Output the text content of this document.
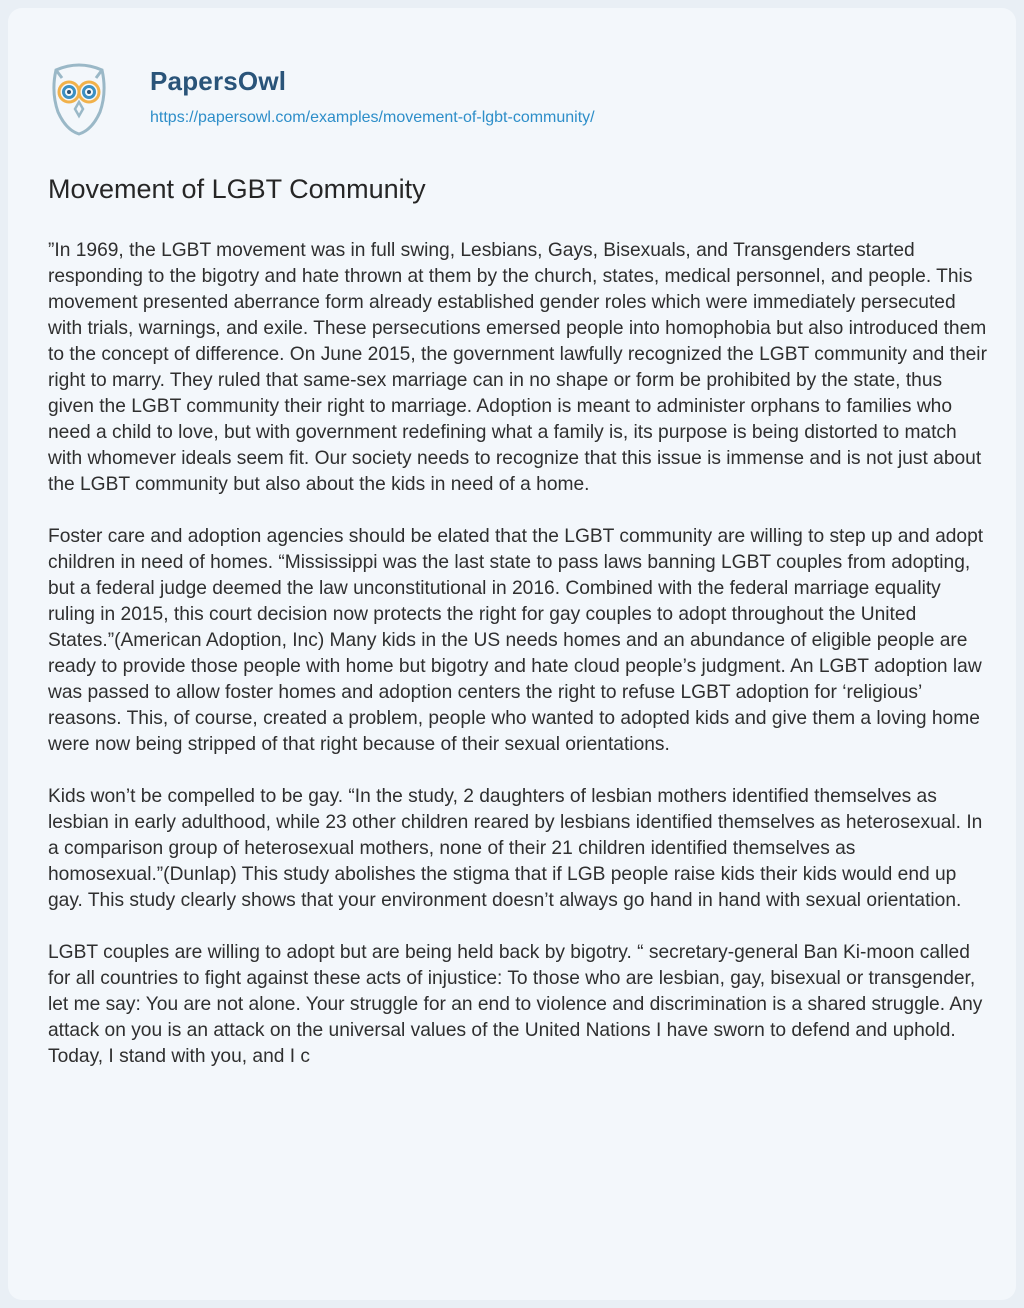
PapersOwl
https://papersowl.com/examples/movement-of-lgbt-community/
Movement of LGBT Community

”In 1969, the LGBT movement was in full swing, Lesbians, Gays, Bisexuals, and Transgenders started responding to the bigotry and hate thrown at them by the church, states, medical personnel, and people. This movement presented aberrance form already established gender roles which were immediately persecuted with trials, warnings, and exile. These persecutions emersed people into homophobia but also introduced them to the concept of difference. On June 2015, the government lawfully recognized the LGBT community and their right to marry. They ruled that same-sex marriage can in no shape or form be prohibited by the state, thus given the LGBT community their right to marriage. Adoption is meant to administer orphans to families who need a child to love, but with government redefining what a family is, its purpose is being distorted to match with whomever ideals seem fit. Our society needs to recognize that this issue is immense and is not just about the LGBT community but also about the kids in need of a home.

Foster care and adoption agencies should be elated that the LGBT community are willing to step up and adopt children in need of homes. “Mississippi was the last state to pass laws banning LGBT couples from adopting, but a federal judge deemed the law unconstitutional in 2016. Combined with the federal marriage equality ruling in 2015, this court decision now protects the right for gay couples to adopt throughout the United States.”(American Adoption, Inc) Many kids in the US needs homes and an abundance of eligible people are ready to provide those people with home but bigotry and hate cloud people’s judgment. An LGBT adoption law was passed to allow foster homes and adoption centers the right to refuse LGBT adoption for ‘religious’ reasons. This, of course, created a problem, people who wanted to adopted kids and give them a loving home were now being stripped of that right because of their sexual orientations.

Kids won’t be compelled to be gay. “In the study, 2 daughters of lesbian mothers identified themselves as lesbian in early adulthood, while 23 other children reared by lesbians identified themselves as heterosexual. In a comparison group of heterosexual mothers, none of their 21 children identified themselves as homosexual.”(Dunlap) This study abolishes the stigma that if LGB people raise kids their kids would end up gay. This study clearly shows that your environment doesn’t always go hand in hand with sexual orientation.

LGBT couples are willing to adopt but are being held back by bigotry. “ secretary-general Ban Ki-moon called for all countries to fight against these acts of injustice: To those who are lesbian, gay, bisexual or transgender, let me say: You are not alone. Your struggle for an end to violence and discrimination is a shared struggle. Any attack on you is an attack on the universal values of the United Nations I have sworn to defend and uphold. Today, I stand with you, and I c
